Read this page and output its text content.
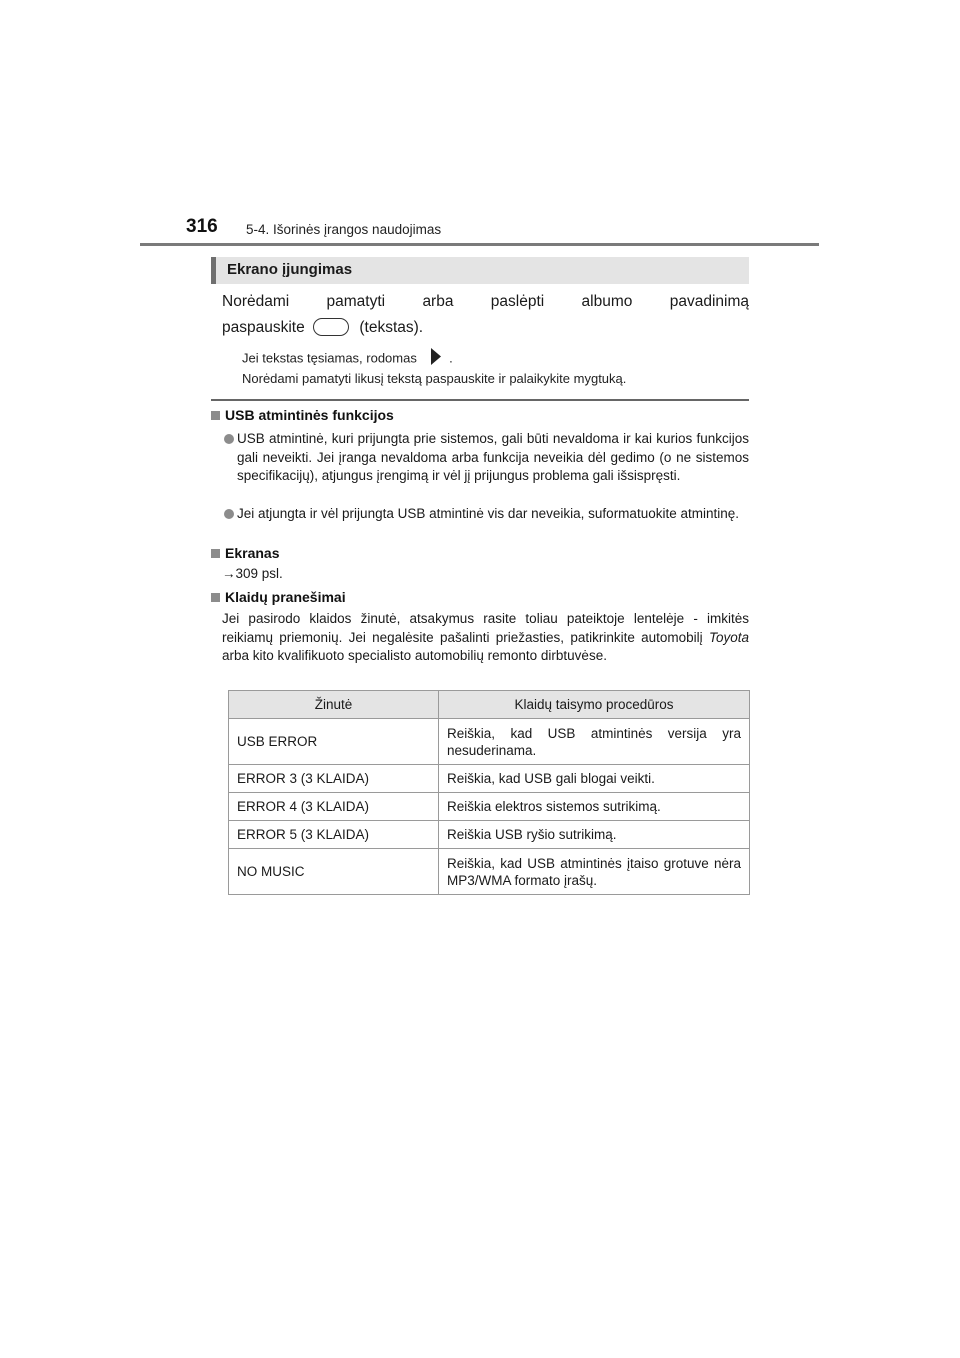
316 5-4. Išorinės įrangos naudojimas
Ekrano įjungimas
Norėdami pamatyti arba paslėpti albumo pavadinimą
paspauskite	(tekstas).
Jei tekstas tęsiamas, rodomas .
Norėdami pamatyti likusį tekstą paspauskite ir palaikykite mygtuką.
USB atmintinės funkcijos
USB atmintinė, kuri prijungta prie sistemos, gali būti nevaldoma ir kai kurios funkcijos gali neveikti. Jei įranga nevaldoma arba funkcija neveikia dėl gedimo (o ne sistemos specifikacijų), atjungus įrengimą ir vėl jį prijungus problema gali išsispręsti.
Jei atjungta ir vėl prijungta USB atmintinė vis dar neveikia, suformatuokite atmintinę.
Ekranas
→309 psl.
Klaidų pranešimai
Jei pasirodo klaidos žinutė, atsakymus rasite toliau pateiktoje lentelėje - imkitės reikiamų priemonių. Jei negalėsite pašalinti priežasties, patikrinkite automobilį Toyota arba kito kvalifikuoto specialisto automobilių remonto dirbtuvėse.
Žinutė	Klaidų taisymo procedūros
USB ERROR	Reiškia, kad USB atmintinės versija yra nesuderinama.
ERROR 3 (3 KLAIDA)	Reiškia, kad USB gali blogai veikti.
ERROR 4 (3 KLAIDA)	Reiškia elektros sistemos sutrikimą.
ERROR 5 (3 KLAIDA)	Reiškia USB ryšio sutrikimą.
NO MUSIC	Reiškia, kad USB atmintinės įtaiso grotuve nėra MP3/WMA formato įrašų.
